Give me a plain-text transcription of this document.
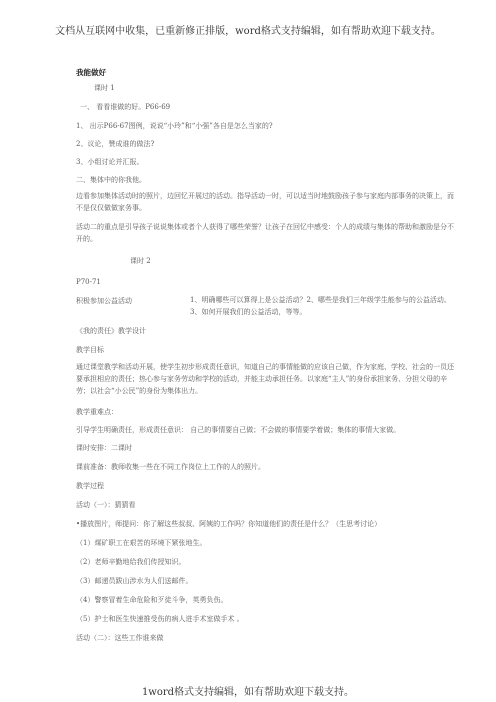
文档从互联网中收集，已重新修正排版，word格式支持编辑，如有帮助欢迎下载支持。
我能做好
课时 1
一、 看看谁做的好。P66-69
1、 出示P66-67图例，说说“小玲”和“小强”各自是怎么当家的?
2、议论，赞成谁的做法?
3、小组讨论并汇报。
二、集体中的你我他。
边看参加集体活动时的照片，边回忆开展过的活动。指导活动一时，可以适当时地鼓励孩子参与家庭内部事务的决策上，而不是仅仅做做家务事。
活动二的重点是引导孩子说说集体或者个人获得了哪些荣誉？让孩子在回忆中感受：个人的成绩与集体的帮助和激励是分不开的。
课时 2
P70-71
积极参加公益活动	1、明确哪些可以算得上是公益活动？2、哪些是我们三年级学生能参与的公益活动。3、如何开展我们的公益活动，等等。
《我的责任》教学设计
教学目标
通过课堂教学和活动开展，使学生初步形成责任意识，知道自己的事情能做的应该自己做，作为家庭、学校、社会的一员还要承担相应的责任；热心参与家务劳动和学校的活动，并能主动承担任务。以家庭“主人”的身份承担家务、分担父母的辛劳；以社会“小公民”的身份为集体出力。
教学重难点：
引导学生明确责任，形成责任意识： 自己的事情要自己做；不会做的事情要学着做；集体的事情大家做。
课时安排：二课时
课前准备：教师收集一些在不同工作岗位上工作的人的照片。
教学过程
活动（一）：猜猜看
•播放图片，师提问：你了解这些叔叔、阿姨的工作吗？你知道他们的责任是什么？（生思考讨论）
（1）煤矿职工在艰苦的环境下紧张地生。
（2）老师辛勤地给我们传授知识。
（3）邮递员跋山涉水为人们送邮件。
（4）警察冒着生命危险和歹徒斗争，英勇负伤。
（5）护士和医生快速推受伤的病人进手术室做手术 。
活动（二）：这些工作谁来做
1word格式支持编辑，如有帮助欢迎下载支持。
